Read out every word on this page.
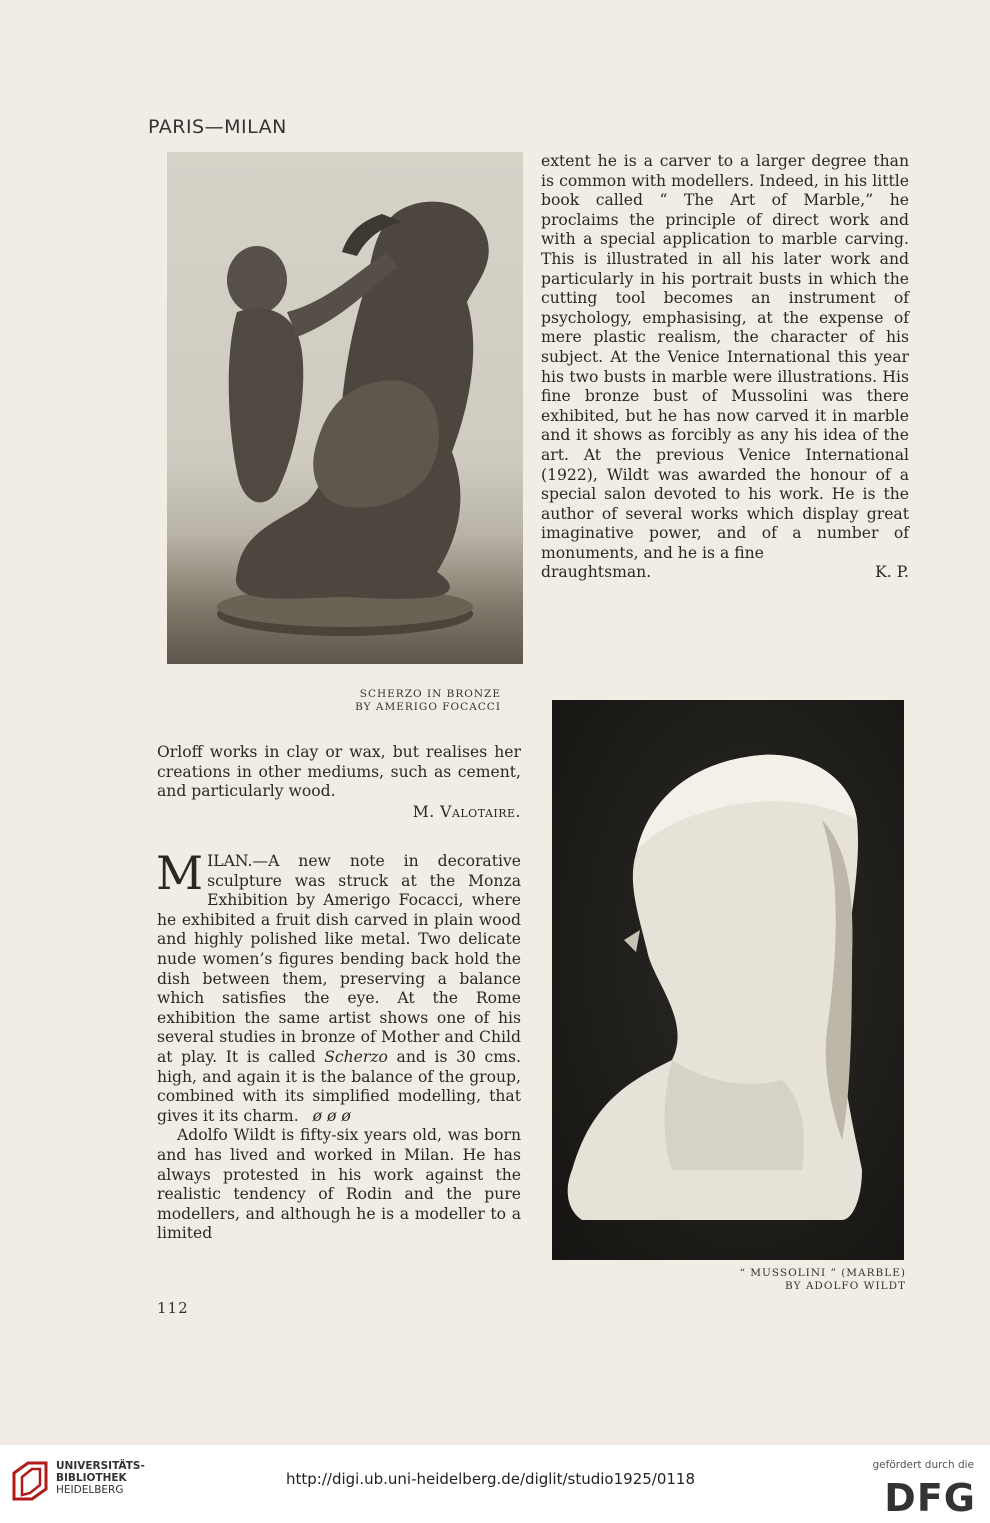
PARIS—MILAN

extent he is a carver to a larger degree than is common with modellers. Indeed, in his little book called “ The Art of Marble,” he proclaims the principle of direct work and with a special application to marble carving. This is illustrated in all his later work and particularly in his portrait busts in which the cutting tool becomes an instrument of psychology, emphasising, at the expense of mere plastic realism, the character of his subject. At the Venice International this year his two busts in marble were illustrations. His fine bronze bust of Mussolini was there exhibited, but he has now carved it in marble and it shows as forcibly as any his idea of the art. At the previous Venice International (1922), Wildt was awarded the honour of a special salon devoted to his work. He is the author of several works which display great imaginative power, and of a number of monuments, and he is a fine

draughtsman.	K. P.
SCHERZO IN BRONZE
BY AMERIGO FOCACCI

Orloff works in clay or wax, but realises her creations in other mediums, such as cement, and particularly wood.

M. Valotaire.

MILAN.—A new note in decorative sculpture was struck at the Monza Exhibition by Amerigo Focacci, where he exhibited a fruit dish carved in plain wood and highly polished like metal. Two delicate nude women’s figures bending back hold the dish between them, preserving a balance which satisfies the eye. At the Rome exhibition the same artist shows one of his several studies in bronze of Mother and Child at play. It is called Scherzo and is 30 cms. high, and again it is the balance of the group, combined with its simplified modelling, that gives it its charm. ø ø ø

Adolfo Wildt is fifty-six years old, was born and has lived and worked in Milan. He has always protested in his work against the realistic tendency of Rodin and the pure modellers, and although he is a modeller to a limited

“ MUSSOLINI ” (MARBLE)
BY ADOLFO WILDT
112
UNIVERSITÄTS-
BIBLIOTHEK
HEIDELBERG
http://digi.ub.uni-heidelberg.de/diglit/studio1925/0118
gefördert durch die
DFG
